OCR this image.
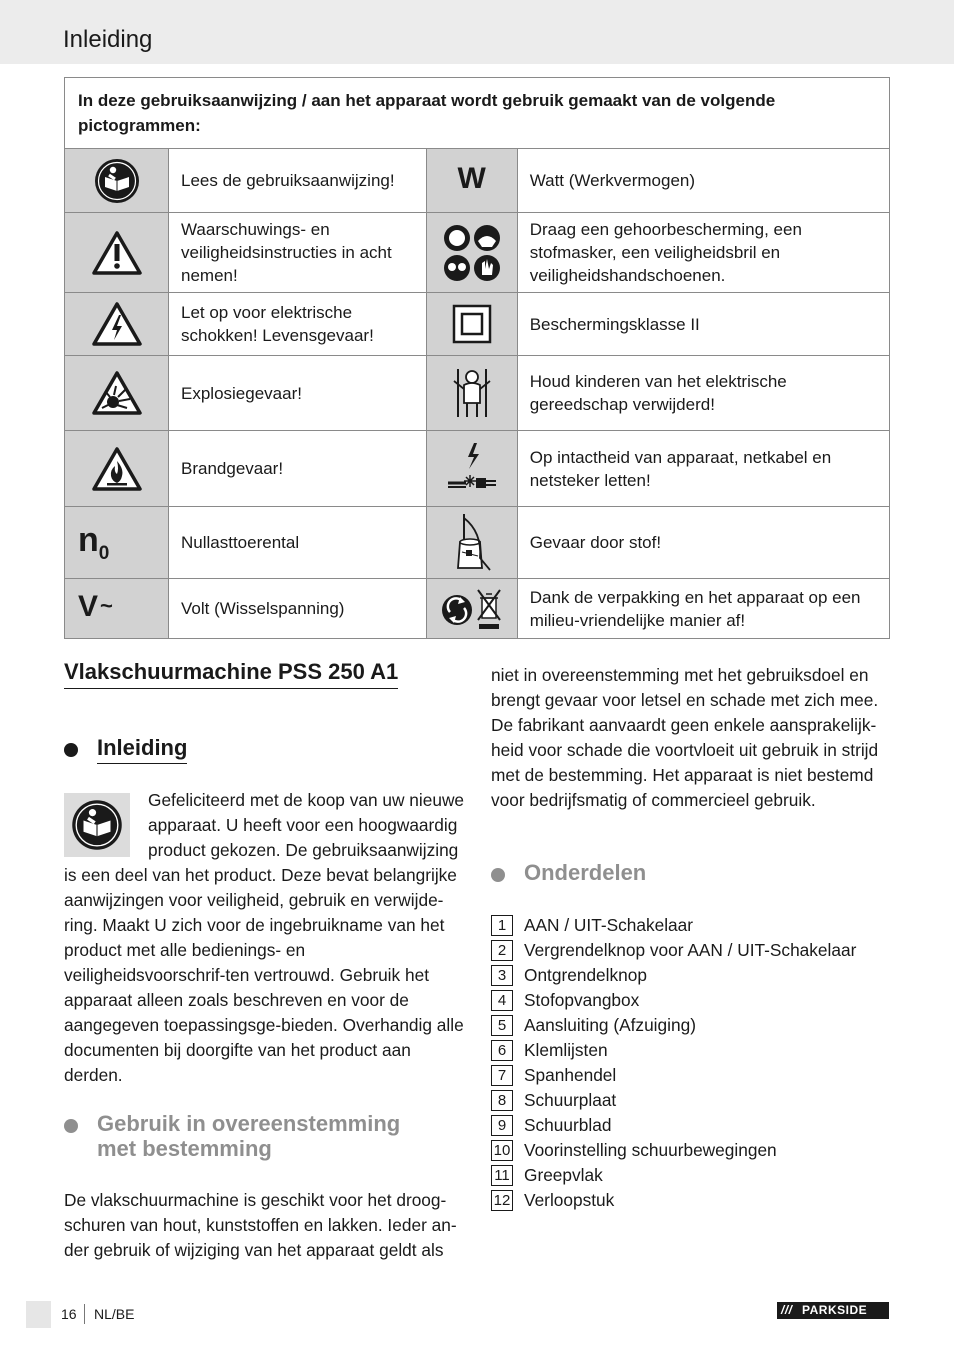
Inleiding
In deze gebruiksaanwijzing / aan het apparaat wordt gebruik gemaakt van de volgende pictogrammen:			
	Lees de gebruiksaanwijzing!	W	Watt (Werkvermogen)
	Waarschuwings- en veiligheidsinstructies in acht nemen!		Draag een gehoorbescherming, een stofmasker, een veiligheidsbril en veiligheidshandschoenen.
	Let op voor elektrische schokken! Levensgevaar!		Beschermingsklasse II
	Explosiegevaar!		Houd kinderen van het elektrische gereedschap verwijderd!
	Brandgevaar!		Op intactheid van apparaat, netkabel en netsteker letten!
n0	Nullasttoerental		Gevaar door stof!
V~	Volt (Wisselspanning)		Dank de verpakking en het apparaat op een milieu-vriendelijke manier af!
Vlakschuurmachine PSS 250 A1
Inleiding

Gefeliciteerd met de koop van uw nieuwe apparaat. U heeft voor een hoogwaardig product gekozen. De gebruiksaanwijzing

is een deel van het product. Deze bevat belangrijke aanwijzingen voor veiligheid, gebruik en verwijde-ring. Maakt U zich voor de ingebruikname van het product met alle bedienings- en veiligheidsvoorschrif-ten vertrouwd. Gebruik het apparaat alleen zoals beschreven en voor de aangegeven toepassingsge-bieden. Overhandig alle documenten bij doorgifte van het product aan derden.

Gebruik in overeenstemming
met bestemming

De vlakschuurmachine is geschikt voor het droog-schuren van hout, kunststoffen en lakken. Ieder an-der gebruik of wijziging van het apparaat geldt als

niet in overeenstemming met het gebruiksdoel en brengt gevaar voor letsel en schade met zich mee. De fabrikant aanvaardt geen enkele aansprakelijk-heid voor schade die voortvloeit uit gebruik in strijd met de bestemming. Het apparaat is niet bestemd voor bedrijfsmatig of commercieel gebruik.

Onderdelen
1	AAN / UIT-Schakelaar
2	Vergrendelknop voor AAN / UIT-Schakelaar
3	Ontgrendelknop
4	Stofopvangbox
5	Aansluiting (Afzuiging)
6	Klemlijsten
7	Spanhendel
8	Schuurplaat
9	Schuurblad
10 Voorinstelling schuurbewegingen
11 Greepvlak
12 Verloopstuk
16 NL/BE	/// PARKSIDE
